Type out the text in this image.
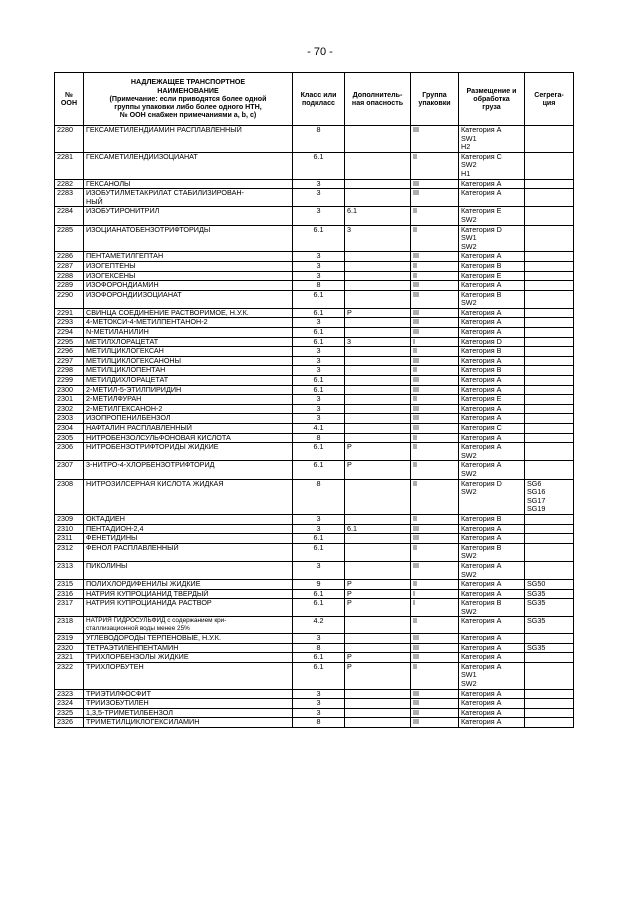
- 70 -
№
ООН	НАДЛЕЖАЩЕЕ ТРАНСПОРТНОЕ
НАИМЕНОВАНИЕ
(Примечание: если приводятся более одной
группы упаковки либо более одного НТН,
№ ООН снабжен примечаниями a, b, c)	Класс или
подкласс	Дополнитель-
ная опасность	Группа
упаковки	Размещение и
обработка
груза	Сегрега-
ция

2280	ГЕКСАМЕТИЛЕНДИАМИН РАСПЛАВЛЕННЫЙ	8		III	Категория A
SW1
H2	

2281	ГЕКСАМЕТИЛЕНДИИЗОЦИАНАТ	6.1		II	Категория C
SW2
H1	

2282	ГЕКСАНОЛЫ	3		III	Категория A	

2283	ИЗОБУТИЛМЕТАКРИЛАТ СТАБИЛИЗИРОВАН-
НЫЙ	3		III	Категория A	

2284	ИЗОБУТИРОНИТРИЛ	3	6.1	II	Категория E
SW2	

2285	ИЗОЦИАНАТОБЕНЗОТРИФТОРИДЫ	6.1	3	II	Категория D
SW1
SW2	

2286	ПЕНТАМЕТИЛГЕПТАН	3		III	Категория A	

2287	ИЗОГЕПТЕНЫ	3		II	Категория B	

2288	ИЗОГЕКСЕНЫ	3		II	Категория E	

2289	ИЗОФОРОНДИАМИН	8		III	Категория A	

2290	ИЗОФОРОНДИИЗОЦИАНАТ	6.1		III	Категория B
SW2	

2291	СВИНЦА СОЕДИНЕНИЕ РАСТВОРИМОЕ, Н.У.К.	6.1	P	III	Категория A	

2293	4-МЕТОКСИ-4-МЕТИЛПЕНТАНОН-2	3		III	Категория A	

2294	N-МЕТИЛАНИЛИН	6.1		III	Категория A	

2295	МЕТИЛХЛОРАЦЕТАТ	6.1	3	I	Категория D	

2296	МЕТИЛЦИКЛОГЕКСАН	3		II	Категория B	

2297	МЕТИЛЦИКЛОГЕКСАНОНЫ	3		III	Категория A	

2298	МЕТИЛЦИКЛОПЕНТАН	3		II	Категория B	

2299	МЕТИЛДИХЛОРАЦЕТАТ	6.1		III	Категория A	

2300	2-МЕТИЛ-5-ЭТИЛПИРИДИН	6.1		III	Категория A	

2301	2-МЕТИЛФУРАН	3		II	Категория E	

2302	2-МЕТИЛГЕКСАНОН-2	3		III	Категория A	

2303	ИЗОПРОПЕНИЛБЕНЗОЛ	3		III	Категория A	

2304	НАФТАЛИН РАСПЛАВЛЕННЫЙ	4.1		III	Категория C	

2305	НИТРОБЕНЗОЛСУЛЬФОНОВАЯ КИСЛОТА	8		II	Категория A	

2306	НИТРОБЕНЗОТРИФТОРИДЫ ЖИДКИЕ	6.1	P	II	Категория A
SW2	

2307	3-НИТРО-4-ХЛОРБЕНЗОТРИФТОРИД	6.1	P	II	Категория A
SW2	

2308	НИТРОЗИЛСЕРНАЯ КИСЛОТА ЖИДКАЯ	8		II	Категория D
SW2	SG6
SG16
SG17
SG19

2309	ОКТАДИЕН	3		II	Категория B	

2310	ПЕНТАДИОН-2,4	3	6.1	III	Категория A	

2311	ФЕНЕТИДИНЫ	6.1		III	Категория A	

2312	ФЕНОЛ РАСПЛАВЛЕННЫЙ	6.1		II	Категория B
SW2	

2313	ПИКОЛИНЫ	3		III	Категория A
SW2	

2315	ПОЛИХЛОРДИФЕНИЛЫ ЖИДКИЕ	9	P	II	Категория A	SG50

2316	НАТРИЯ КУПРОЦИАНИД ТВЕРДЫЙ	6.1	P	I	Категория A	SG35

2317	НАТРИЯ КУПРОЦИАНИДА РАСТВОР	6.1	P	I	Категория B
SW2	SG35

2318	НАТРИЯ ГИДРОСУЛЬФИД с содержанием кри-
сталлизационной воды менее 25%	4.2		II	Категория A	SG35

2319	УГЛЕВОДОРОДЫ ТЕРПЕНОВЫЕ, Н.У.К.	3		III	Категория A	

2320	ТЕТРАЭТИЛЕНПЕНТАМИН	8		III	Категория A	SG35

2321	ТРИХЛОРБЕНЗОЛЫ ЖИДКИЕ	6.1	P	III	Категория A	

2322	ТРИХЛОРБУТЕН	6.1	P	II	Категория A
SW1
SW2	

2323	ТРИЭТИЛФОСФИТ	3		III	Категория A	

2324	ТРИИЗОБУТИЛЕН	3		III	Категория A	

2325	1,3,5-ТРИМЕТИЛБЕНЗОЛ	3		III	Категория A	

2326	ТРИМЕТИЛЦИКЛОГЕКСИЛАМИН	8		III	Категория A	
